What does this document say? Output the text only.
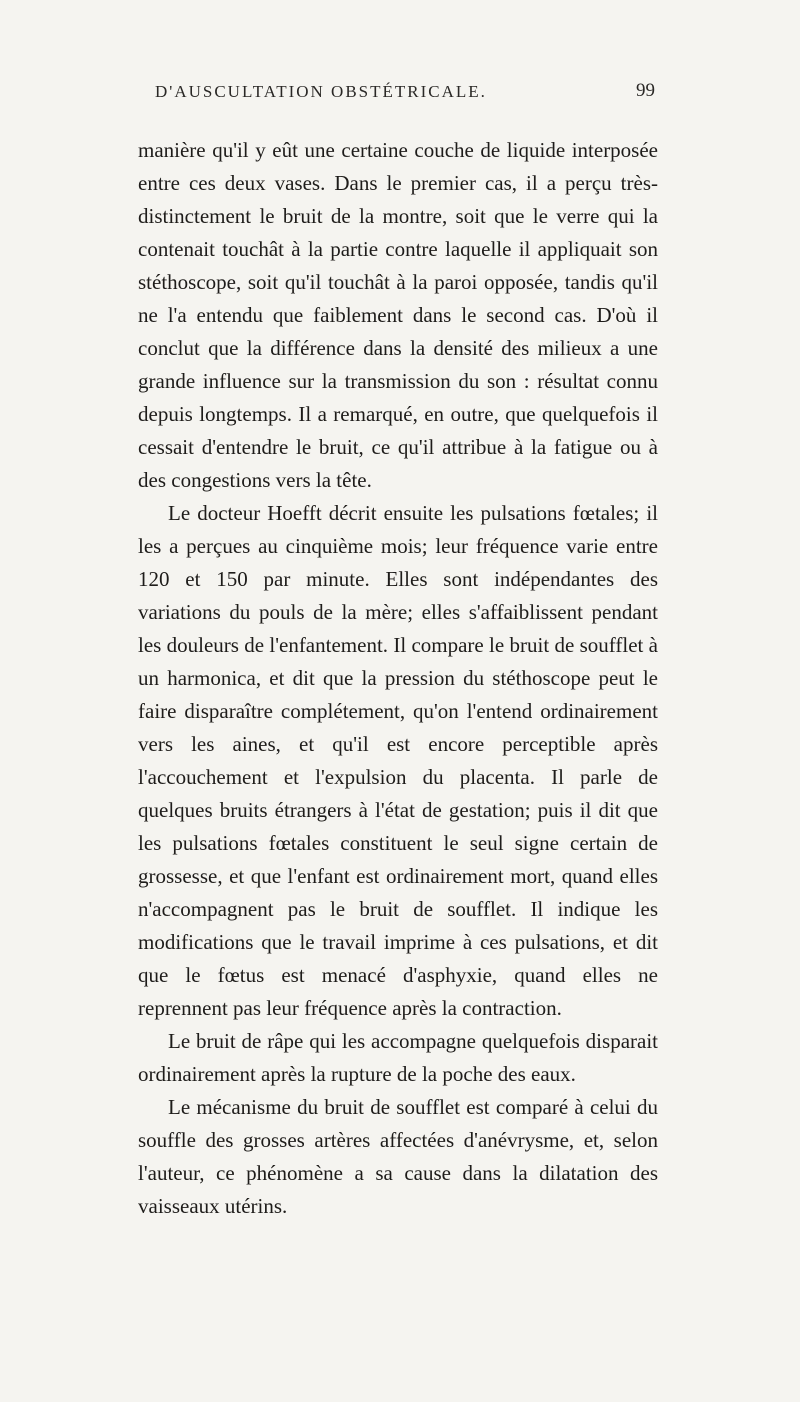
D'AUSCULTATION OBSTÉTRICALE.	99

manière qu'il y eût une certaine couche de liquide interposée entre ces deux vases. Dans le premier cas, il a perçu très-distinctement le bruit de la montre, soit que le verre qui la contenait touchât à la partie contre laquelle il appliquait son stéthoscope, soit qu'il touchât à la paroi opposée, tandis qu'il ne l'a entendu que faiblement dans le second cas. D'où il conclut que la différence dans la densité des milieux a une grande influence sur la transmission du son : résultat connu depuis longtemps. Il a remarqué, en outre, que quelquefois il cessait d'entendre le bruit, ce qu'il attribue à la fatigue ou à des congestions vers la tête.

Le docteur Hoefft décrit ensuite les pulsations fœtales; il les a perçues au cinquième mois; leur fréquence varie entre 120 et 150 par minute. Elles sont indépendantes des variations du pouls de la mère; elles s'affaiblissent pendant les douleurs de l'enfantement. Il compare le bruit de soufflet à un harmonica, et dit que la pression du stéthoscope peut le faire disparaître complétement, qu'on l'entend ordinairement vers les aines, et qu'il est encore perceptible après l'accouchement et l'expulsion du placenta. Il parle de quelques bruits étrangers à l'état de gestation; puis il dit que les pulsations fœtales constituent le seul signe certain de grossesse, et que l'enfant est ordinairement mort, quand elles n'accompagnent pas le bruit de soufflet. Il indique les modifications que le travail imprime à ces pulsations, et dit que le fœtus est menacé d'asphyxie, quand elles ne reprennent pas leur fréquence après la contraction.

Le bruit de râpe qui les accompagne quelquefois disparait ordinairement après la rupture de la poche des eaux.

Le mécanisme du bruit de soufflet est comparé à celui du souffle des grosses artères affectées d'anévrysme, et, selon l'auteur, ce phénomène a sa cause dans la dilatation des vaisseaux utérins.
